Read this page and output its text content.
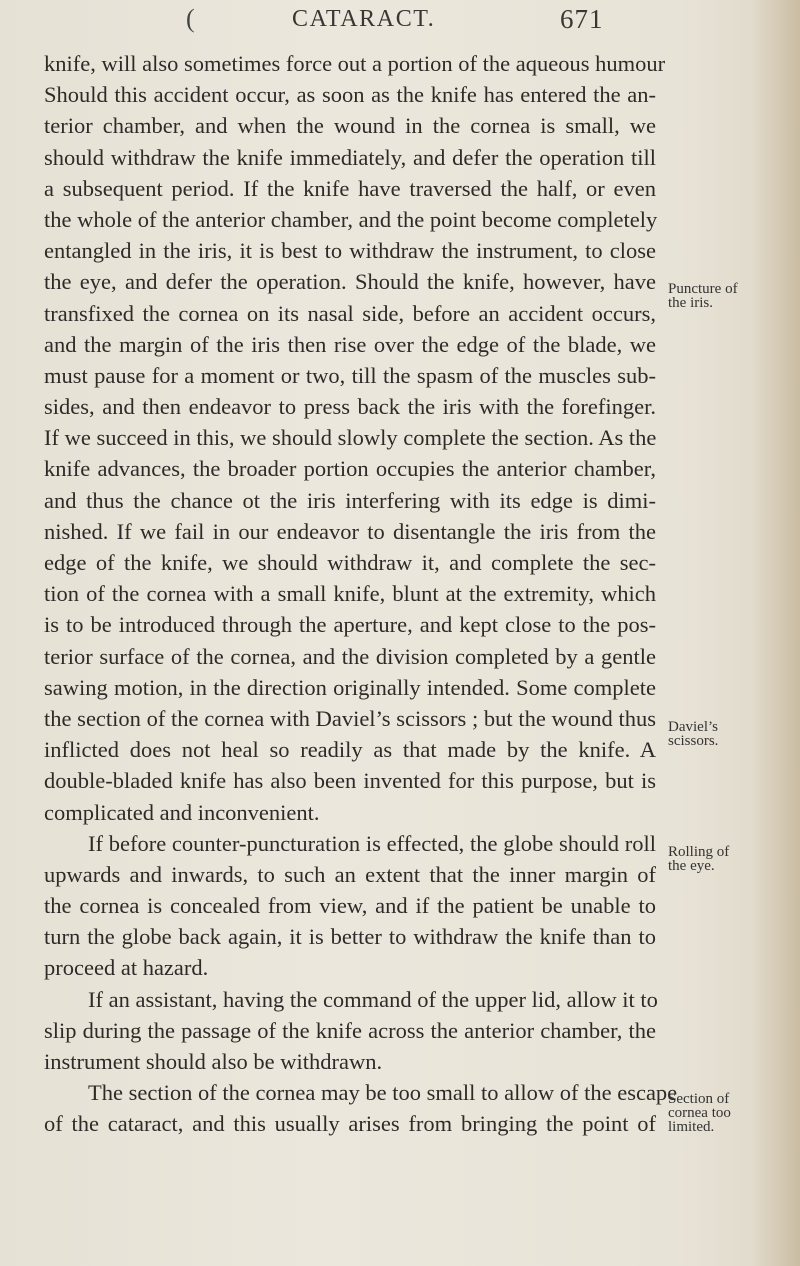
(	CATARACT.	671
knife, will also sometimes force out a portion of the aqueous humour
Should this accident occur, as soon as the knife has entered the an-
terior chamber, and when the wound in the cornea is small, we
should withdraw the knife immediately, and defer the operation till
a subsequent period. If the knife have traversed the half, or even
the whole of the anterior chamber, and the point become completely
entangled in the iris, it is best to withdraw the instrument, to close
the eye, and defer the operation. Should the knife, however, have
transfixed the cornea on its nasal side, before an accident occurs,
and the margin of the iris then rise over the edge of the blade, we
must pause for a moment or two, till the spasm of the muscles sub-
sides, and then endeavor to press back the iris with the forefinger.
If we succeed in this, we should slowly complete the section. As the
knife advances, the broader portion occupies the anterior chamber,
and thus the chance ot the iris interfering with its edge is dimi-
nished. If we fail in our endeavor to disentangle the iris from the
edge of the knife, we should withdraw it, and complete the sec-
tion of the cornea with a small knife, blunt at the extremity, which
is to be introduced through the aperture, and kept close to the pos-
terior surface of the cornea, and the division completed by a gentle
sawing motion, in the direction originally intended. Some complete
the section of the cornea with Daviel’s scissors ; but the wound thus
inflicted does not heal so readily as that made by the knife. A
double-bladed knife has also been invented for this purpose, but is
complicated and inconvenient.
If before counter-puncturation is effected, the globe should roll
upwards and inwards, to such an extent that the inner margin of
the cornea is concealed from view, and if the patient be unable to
turn the globe back again, it is better to withdraw the knife than to
proceed at hazard.
If an assistant, having the command of the upper lid, allow it to
slip during the passage of the knife across the anterior chamber, the
instrument should also be withdrawn.
The section of the cornea may be too small to allow of the escape
of the cataract, and this usually arises from bringing the point of
Puncture of
the iris.
Daviel’s
scissors.
Rolling of
the eye.
Section of
cornea too
limited.
